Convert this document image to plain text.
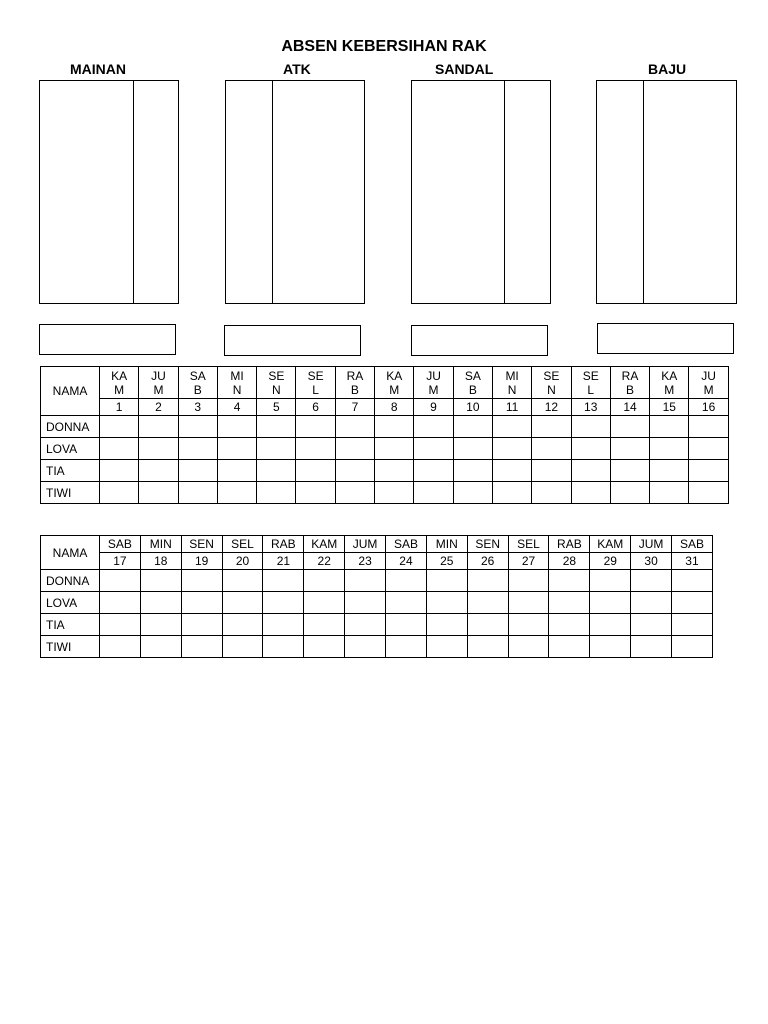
ABSEN KEBERSIHAN RAK
MAINAN	ATK	SANDAL	BAJU
NAMA	KAM	JUM	SAB	MIN	SEN	SEL	RAB	KAM	JUM	SAB	MIN	SEN	SEL	RAB	KAM	JUM
	1	2	3	4	5	6	7	8	9	10	11	12	13	14	15	16
DONNA																
LOVA																
TIA																
TIWI																
NAMA	SAB	MIN	SEN	SEL	RAB	KAM	JUM	SAB	MIN	SEN	SEL	RAB	KAM	JUM	SAB
	17	18	19	20	21	22	23	24	25	26	27	28	29	30	31
DONNA															
LOVA															
TIA															
TIWI															
